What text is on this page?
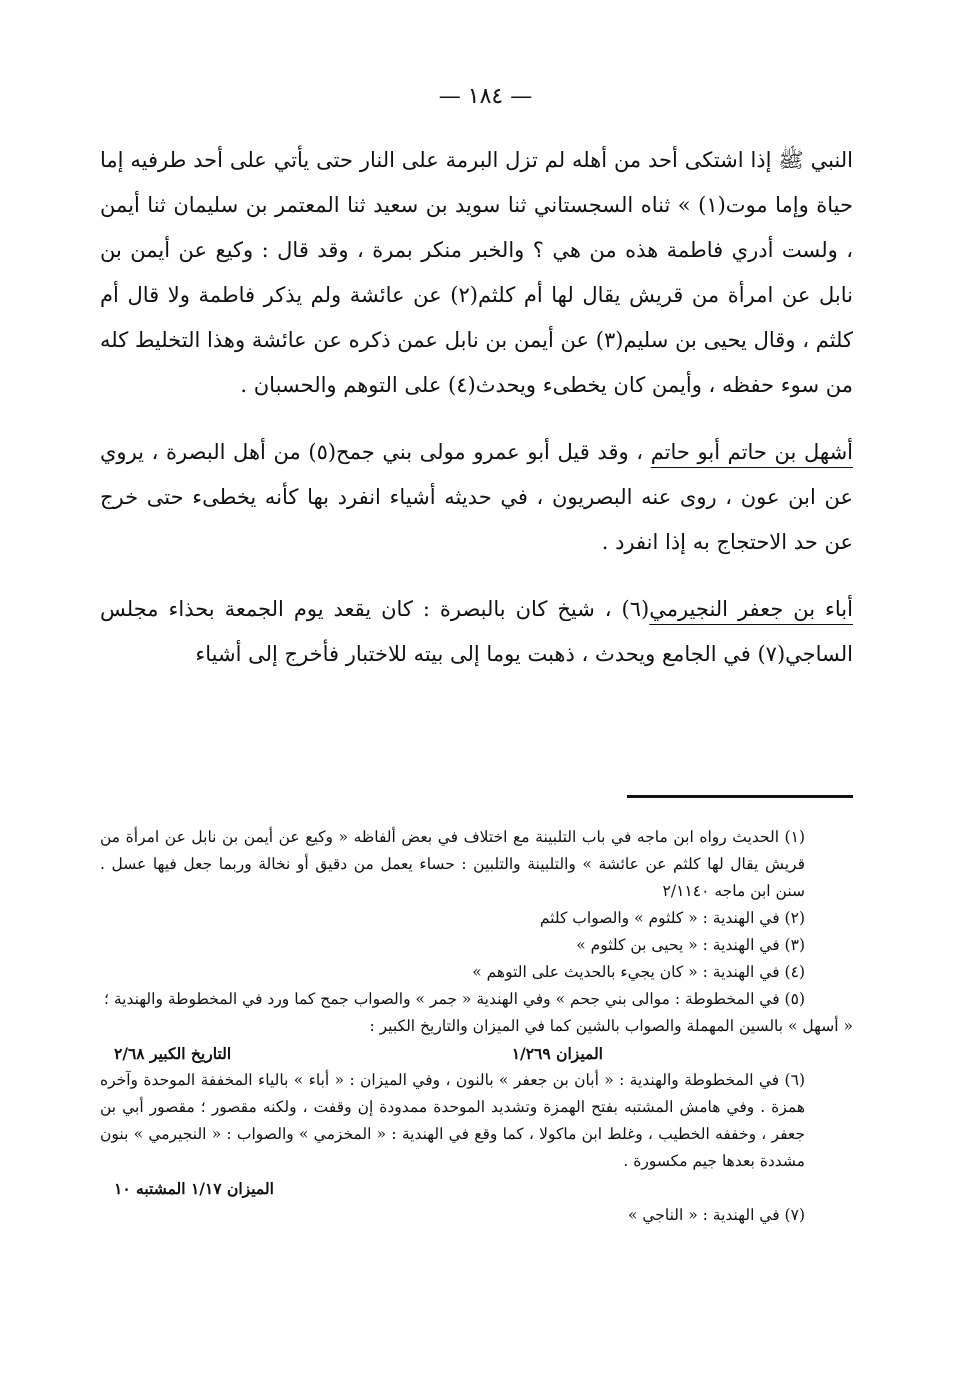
— ١٨٤ —

النبي ﷺ إذا اشتكى أحد من أهله لم تزل البرمة على النار حتى يأتي على أحد طرفيه إما حياة وإما موت(١) » ثناه السجستاني ثنا سويد بن سعيد ثنا المعتمر بن سليمان ثنا أيمن ، ولست أدري فاطمة هذه من هي ؟ والخبر منكر بمرة ، وقد قال : وكيع عن أيمن بن نابل عن امرأة من قريش يقال لها أم كلثم(٢) عن عائشة ولم يذكر فاطمة ولا قال أم كلثم ، وقال يحيى بن سليم(٣) عن أيمن بن نابل عمن ذكره عن عائشة وهذا التخليط كله من سوء حفظه ، وأيمن كان يخطىء ويحدث(٤) على التوهم والحسبان .

أشهل بن حاتم أبو حاتم ، وقد قيل أبو عمرو مولى بني جمح(٥) من أهل البصرة ، يروي عن ابن عون ، روى عنه البصريون ، في حديثه أشياء انفرد بها كأنه يخطىء حتى خرج عن حد الاحتجاج به إذا انفرد .

أباء بن جعفر النجيرمي(٦) ، شيخ كان بالبصرة : كان يقعد يوم الجمعة بحذاء مجلس الساجي(٧) في الجامع ويحدث ، ذهبت يوما إلى بيته للاختبار فأخرج إلى أشياء

(١) الحديث رواه ابن ماجه في باب التلبينة مع اختلاف في بعض ألفاظه « وكيع عن أيمن بن نابل عن امرأة من قريش يقال لها كلثم عن عائشة » والتلبينة والتلبين : حساء يعمل من دقيق أو نخالة وربما جعل فيها عسل . سنن ابن ماجه ٢/١١٤٠

(٢) في الهندية : « كلثوم » والصواب كلثم

(٣) في الهندية : « يحيى بن كلثوم »

(٤) في الهندية : « كان يجيء بالحديث على التوهم »

(٥) في المخطوطة : موالى بني جحم » وفي الهندية « جمر » والصواب جمح كما ورد في المخطوطة والهندية ؛

« أسهل » بالسين المهملة والصواب بالشين كما في الميزان والتاريخ الكبير :

الميزان ١/٢٦٩
التاريخ الكبير ٢/٦٨

(٦) في المخطوطة والهندية : « أبان بن جعفر » بالنون ، وفي الميزان : « أباء » بالياء المخففة الموحدة وآخره همزة . وفي هامش المشتبه بفتح الهمزة وتشديد الموحدة ممدودة إن وقفت ، ولكنه مقصور ؛ مقصور أبي بن جعفر ، وخففه الخطيب ، وغلط ابن ماكولا ، كما وقع في الهندية : « المخزمي » والصواب : « النجيرمي » بنون مشددة بعدها جيم مكسورة .

الميزان ١/١٧ المشتبه ١٠

(٧) في الهندية : « الناجي »
